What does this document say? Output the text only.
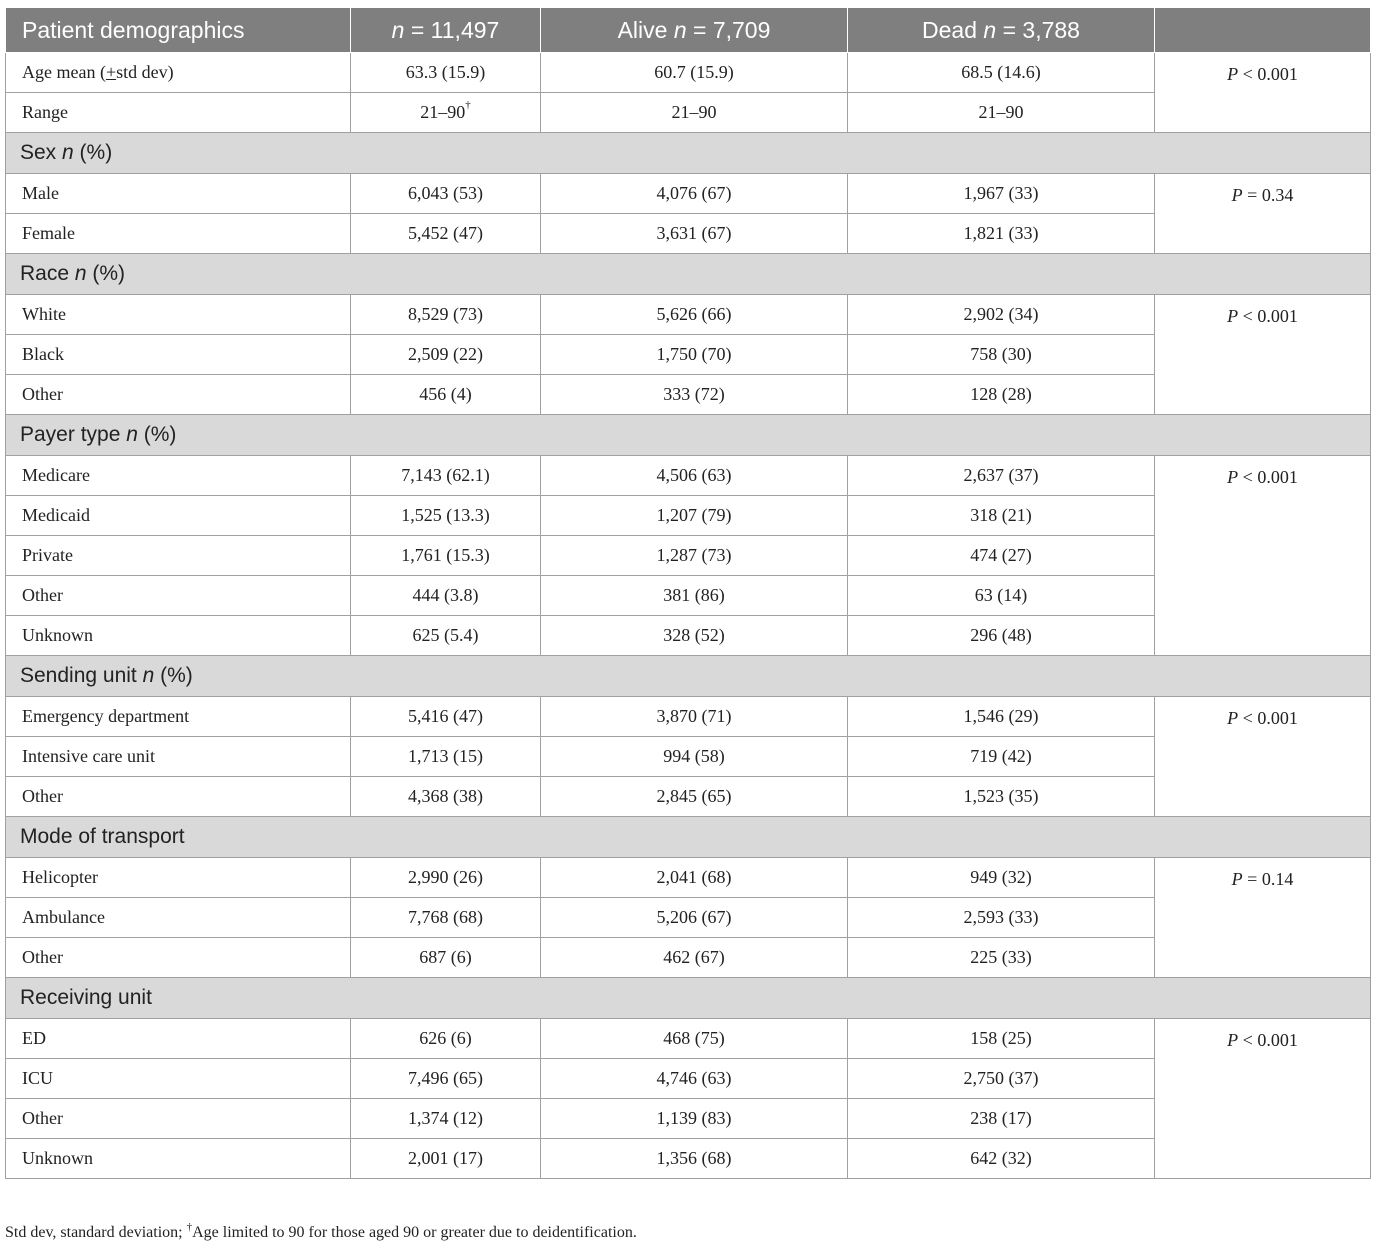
Patient demographics	n = 11,497	Alive n = 7,709	Dead n = 3,788	
Age mean (+std dev)	63.3 (15.9)	60.7 (15.9)	68.5 (14.6)	P < 0.001
Range	21–90†	21–90	21–90	
Sex n (%)				
Male	6,043 (53)	4,076 (67)	1,967 (33)	P = 0.34
Female	5,452 (47)	3,631 (67)	1,821 (33)	
Race n (%)				
White	8,529 (73)	5,626 (66)	2,902 (34)	P < 0.001
Black	2,509 (22)	1,750 (70)	758 (30)	
Other	456 (4)	333 (72)	128 (28)	
Payer type n (%)				
Medicare	7,143 (62.1)	4,506 (63)	2,637 (37)	P < 0.001
Medicaid	1,525 (13.3)	1,207 (79)	318 (21)	
Private	1,761 (15.3)	1,287 (73)	474 (27)	
Other	444 (3.8)	381 (86)	63 (14)	
Unknown	625 (5.4)	328 (52)	296 (48)	
Sending unit n (%)				
Emergency department	5,416 (47)	3,870 (71)	1,546 (29)	P < 0.001
Intensive care unit	1,713 (15)	994 (58)	719 (42)	
Other	4,368 (38)	2,845 (65)	1,523 (35)	
Mode of transport				
Helicopter	2,990 (26)	2,041 (68)	949 (32)	P = 0.14
Ambulance	7,768 (68)	5,206 (67)	2,593 (33)	
Other	687 (6)	462 (67)	225 (33)	
Receiving unit				
ED	626 (6)	468 (75)	158 (25)	P < 0.001
ICU	7,496 (65)	4,746 (63)	2,750 (37)	
Other	1,374 (12)	1,139 (83)	238 (17)	
Unknown	2,001 (17)	1,356 (68)	642 (32)	
Std dev, standard deviation; †Age limited to 90 for those aged 90 or greater due to deidentification.
